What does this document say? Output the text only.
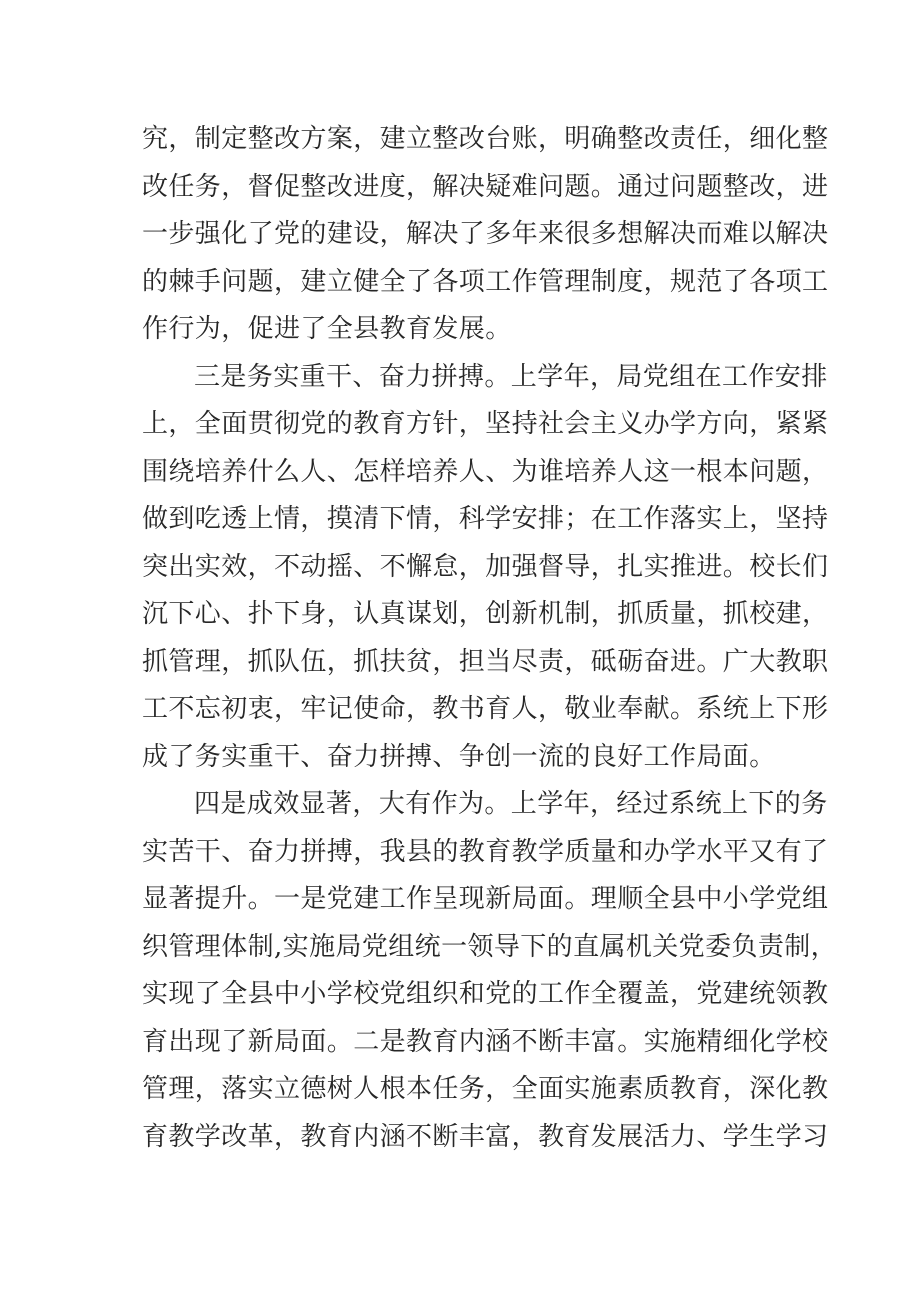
究，制定整改方案，建立整改台账，明确整改责任，细化整
改任务，督促整改进度，解决疑难问题。通过问题整改，进
一步强化了党的建设，解决了多年来很多想解决而难以解决
的棘手问题，建立健全了各项工作管理制度，规范了各项工
作行为，促进了全县教育发展。
三是务实重干、奋力拼搏。上学年，局党组在工作安排
上，全面贯彻党的教育方针，坚持社会主义办学方向，紧紧
围绕培养什么人、怎样培养人、为谁培养人这一根本问题，
做到吃透上情，摸清下情，科学安排；在工作落实上，坚持
突出实效，不动摇、不懈怠，加强督导，扎实推进。校长们
沉下心、扑下身，认真谋划，创新机制，抓质量，抓校建，
抓管理，抓队伍，抓扶贫，担当尽责，砥砺奋进。广大教职
工不忘初衷，牢记使命，教书育人，敬业奉献。系统上下形
成了务实重干、奋力拼搏、争创一流的良好工作局面。
四是成效显著，大有作为。上学年，经过系统上下的务
实苦干、奋力拼搏，我县的教育教学质量和办学水平又有了
显著提升。一是党建工作呈现新局面。理顺全县中小学党组
织管理体制,实施局党组统一领导下的直属机关党委负责制，
实现了全县中小学校党组织和党的工作全覆盖，党建统领教
育出现了新局面。二是教育内涵不断丰富。实施精细化学校
管理，落实立德树人根本任务，全面实施素质教育，深化教
育教学改革，教育内涵不断丰富，教育发展活力、学生学习
